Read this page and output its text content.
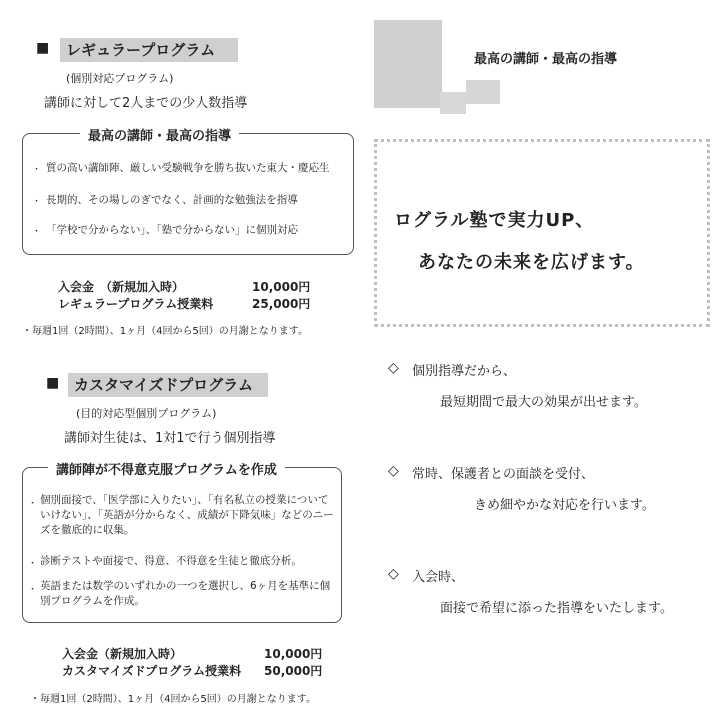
■	レギュラープログラム
(個別対応プログラム)
講師に対して2人までの少人数指導
最高の講師・最高の指導
・ 質の高い講師陣、厳しい受験戦争を勝ち抜いた東大・慶応生
・ 長期的、その場しのぎでなく、計画的な勉強法を指導
・ 「学校で分からない」、「塾で分からない」に個別対応
入会金　（新規加入時）	10,000円
レギュラープログラム授業料	25,000円
・毎週1回（2時間）、1ヶ月（4回から5回）の月謝となります。
■ カスタマイズドプログラム
(目的対応型個別プログラム)
講師対生徒は、1対1で行う個別指導
講師陣が不得意克服プログラムを作成
・ 個別面接で、「医学部に入りたい」、「有名私立の授業についていけない」、「英語が分からなく、成績が下降気味」などのニーズを徹底的に収集。
・ 診断テストや面接で、得意、不得意を生徒と徹底分析。
・ 英語または数学のいずれかの一つを選択し、6ヶ月を基準に個別プログラムを作成。
入会金（新規加入時）	10,000円
カスタマイズドプログラム授業料 50,000円
・毎週1回（2時間）、1ヶ月（4回から5回）の月謝となります。
最高の講師・最高の指導
ログラル塾で実力UP、
あなたの未来を広げます。
◇ 個別指導だから、
最短期間で最大の効果が出せます。
◇ 常時、保護者との面談を受付、
きめ細やかな対応を行います。
◇ 入会時、
面接で希望に添った指導をいたします。
